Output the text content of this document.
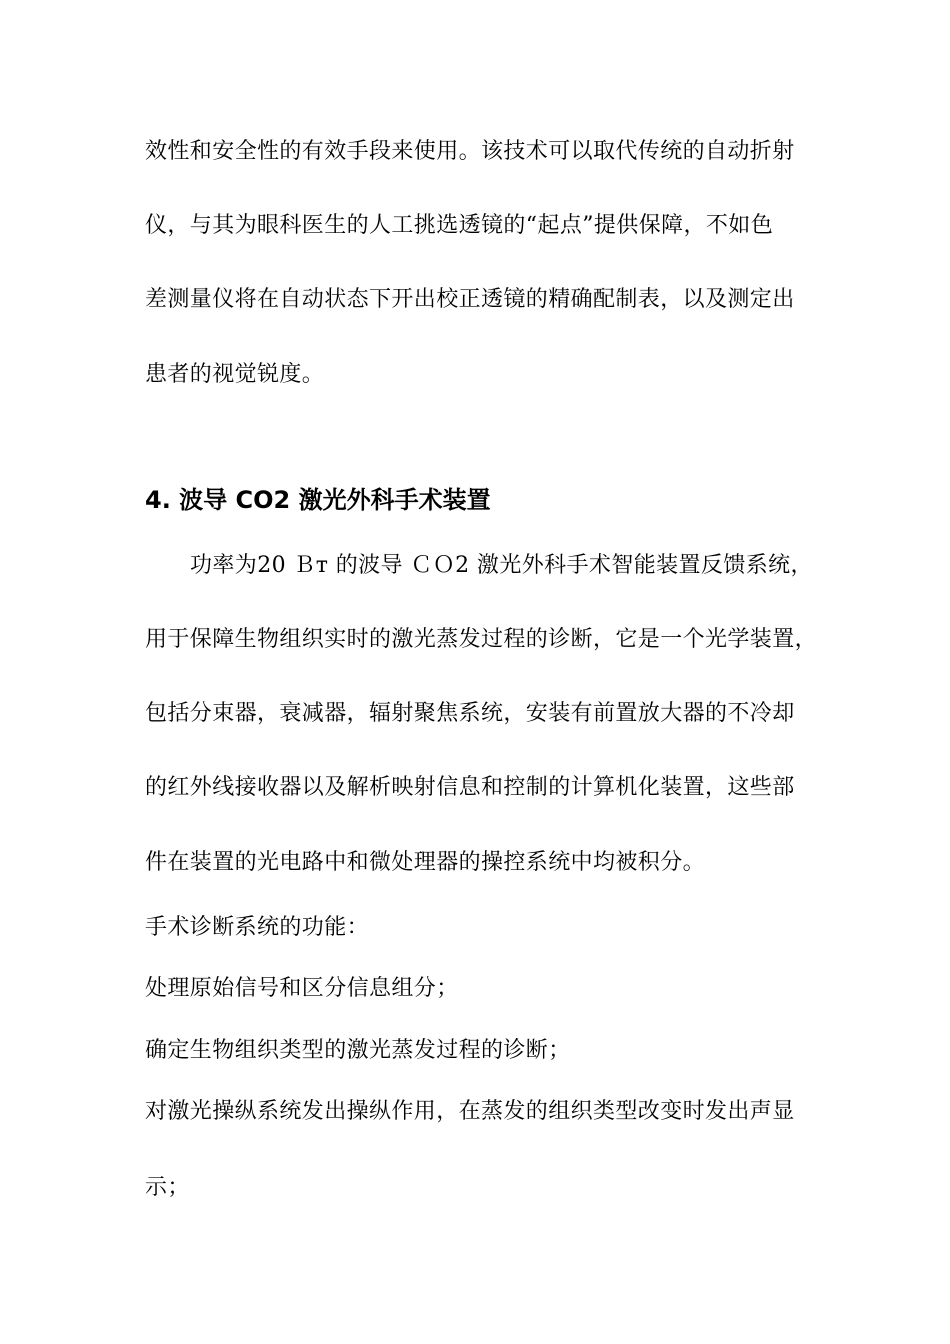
效性和安全性的有效手段来使用。该技术可以取代传统的自动折射
仪，与其为眼科医生的人工挑选透镜的“起点”提供保障，不如色
差测量仪将在自动状态下开出校正透镜的精确配制表，以及测定出
患者的视觉锐度。
4. 波导 CO2 激光外科手术装置
功率为20 Ｂт 的波导 ＣＯ2 激光外科手术智能装置反馈系统，
用于保障生物组织实时的激光蒸发过程的诊断，它是一个光学装置，
包括分束器，衰减器，辐射聚焦系统，安装有前置放大器的不冷却
的红外线接收器以及解析映射信息和控制的计算机化装置，这些部
件在装置的光电路中和微处理器的操控系统中均被积分。
手术诊断系统的功能：
处理原始信号和区分信息组分；
确定生物组织类型的激光蒸发过程的诊断；
对激光操纵系统发出操纵作用，在蒸发的组织类型改变时发出声显
示；
